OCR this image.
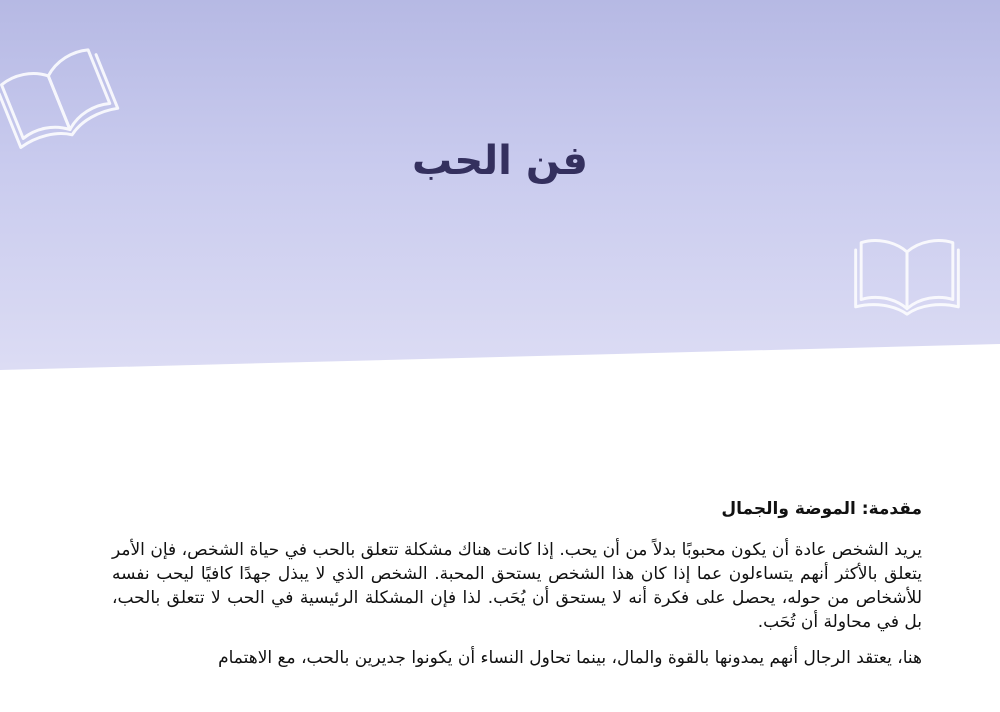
فن الحب
مقدمة: الموضة والجمال

يريد الشخص عادة أن يكون محبوبًا بدلاً من أن يحب. إذا كانت هناك مشكلة تتعلق بالحب في حياة الشخص، فإن الأمر يتعلق بالأكثر أنهم يتساءلون عما إذا كان هذا الشخص يستحق المحبة. الشخص الذي لا يبذل جهدًا كافيًا ليحب نفسه للأشخاص من حوله، يحصل على فكرة أنه لا يستحق أن يُحَب. لذا فإن المشكلة الرئيسية في الحب لا تتعلق بالحب، بل في محاولة أن تُحَب.

هنا، يعتقد الرجال أنهم يمدونها بالقوة والمال، بينما تحاول النساء أن يكونوا جديرين بالحب، مع الاهتمام
